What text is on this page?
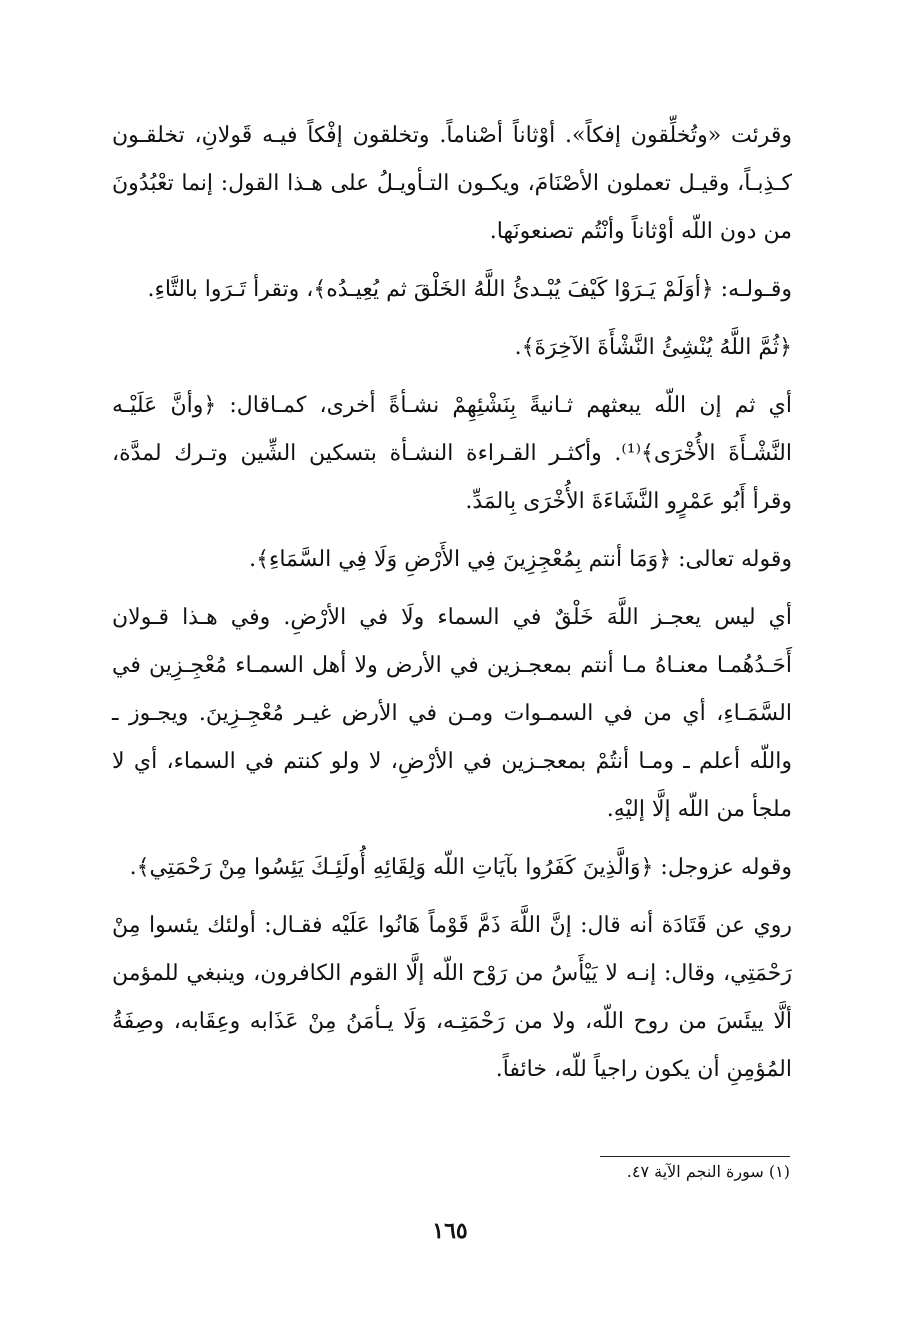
وقرئت «وتُخلِّقون إفكاً». أوْثاناً أصْناماً. وتخلقون إفْكاً فيـه قَولانِ، تخلقـون كـذِبـاً، وقيـل تعملون الأصْنَامَ، ويكـون التـأويـلُ على هـذا القول: إنما تعْبُدُونَ من دون اللّه أوْثاناً وأنْتُم تصنعونَها.

وقـولـه: ﴿أوَلَمْ يَـرَوْا كَيْفَ يُبْـدئُ اللَّهُ الخَلْقَ ثم يُعِيـدُه﴾، وتقرأ تَـرَوا بالتَّاءِ.

﴿ثُمَّ اللَّهُ يُنْشِئُ النَّشْأَةَ الآخِرَةَ﴾.

أي ثم إن اللّه يبعثهم ثـانيةً بِنَشْئِهِمْ نشـأةً أخرى، كمـاقال: ﴿وأنَّ عَلَيْـه النَّشْـأَةَ الأُخْرَى﴾⁽¹⁾. وأكثـر القـراءة النشـأة بتسكين الشِّين وتـرك لمدَّة، وقرأ أَبُو عَمْرٍو النَّشَاءَةَ الأُخْرَى بِالمَدِّ.

وقوله تعالى: ﴿وَمَا أنتم بِمُعْجِزِينَ فِي الأَرْضِ وَلَا فِي السَّمَاءِ﴾.

أي ليس يعجـز اللَّهَ خَلْقٌ في السماء ولَا في الأرْضِ. وفي هـذا قـولان أَحَـدُهُمـا معنـاهُ مـا أنتم بمعجـزين في الأرض ولا أهل السمـاء مُعْجِـزِين في السَّمَـاءِ، أي من في السمـوات ومـن في الأرض غيـر مُعْجِـزِينَ. ويجـوز ـ واللّه أعلم ـ ومـا أنتُمْ بمعجـزين في الأرْضِ، لا ولو كنتم في السماء، أي لا ملجأ من اللّه إلَّا إليْهِ.

وقوله عزوجل: ﴿وَالَّذِينَ كَفَرُوا بآيَاتِ اللّه وَلِقَائِهِ أُولَئِـكَ يَئِسُوا مِنْ رَحْمَتِي﴾.

روي عن قَتَادَة أنه قال: إنَّ اللَّهَ ذَمَّ قَوْماً هَانُوا عَلَيْه فقـال: أولئك يئسوا مِنْ رَحْمَتِي، وقال: إنـه لا يَيْأَسُ من رَوْح اللّه إلَّا القوم الكافرون، وينبغي للمؤمن ألَّا ييئَسَ من روح اللّه، ولا من رَحْمَتِـه، وَلَا يـأمَنُ مِنْ عَذَابه وعِقَابه، وصِفَةُ المُؤمِنِ أن يكون راجياً للّه، خائفاً.

(١) سورة النجم الآية ٤٧.
١٦٥
